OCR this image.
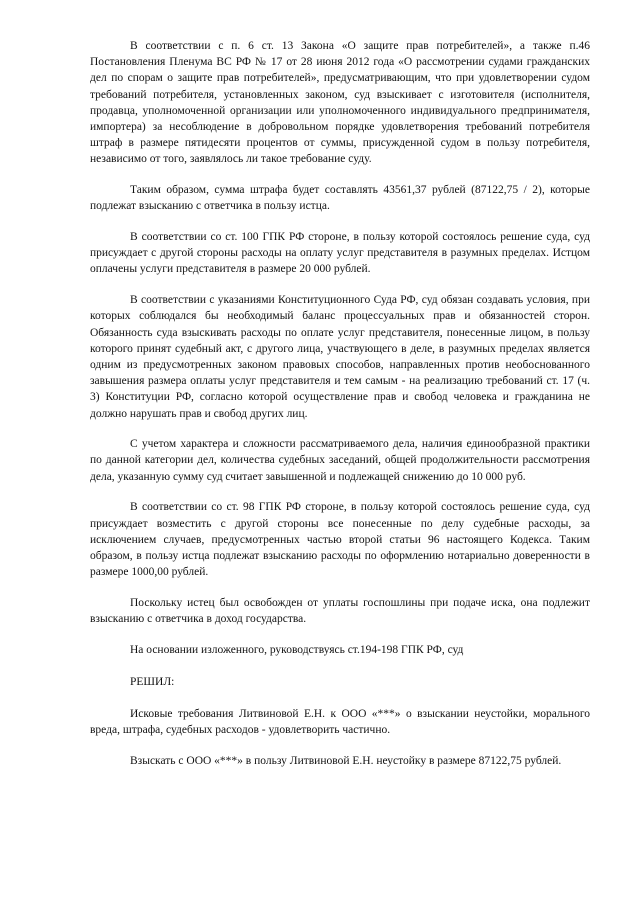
В соответствии с п. 6 ст. 13 Закона «О защите прав потребителей», а также п.46 Постановления Пленума ВС РФ № 17 от 28 июня 2012 года «О рассмотрении судами гражданских дел по спорам о защите прав потребителей», предусматривающим, что при удовлетворении судом требований потребителя, установленных законом, суд взыскивает с изготовителя (исполнителя, продавца, уполномоченной организации или уполномоченного индивидуального предпринимателя, импортера) за несоблюдение в добровольном порядке удовлетворения требований потребителя штраф в размере пятидесяти процентов от суммы, присужденной судом в пользу потребителя, независимо от того, заявлялось ли такое требование суду.

Таким образом, сумма штрафа будет составлять 43561,37 рублей (87122,75 / 2), которые подлежат взысканию с ответчика в пользу истца.

В соответствии со ст. 100 ГПК РФ стороне, в пользу которой состоялось решение суда, суд присуждает с другой стороны расходы на оплату услуг представителя в разумных пределах. Истцом оплачены услуги представителя в размере 20 000 рублей.

В соответствии с указаниями Конституционного Суда РФ, суд обязан создавать условия, при которых соблюдался бы необходимый баланс процессуальных прав и обязанностей сторон. Обязанность суда взыскивать расходы по оплате услуг представителя, понесенные лицом, в пользу которого принят судебный акт, с другого лица, участвующего в деле, в разумных пределах является одним из предусмотренных законом правовых способов, направленных против необоснованного завышения размера оплаты услуг представителя и тем самым - на реализацию требований ст. 17 (ч. 3) Конституции РФ, согласно которой осуществление прав и свобод человека и гражданина не должно нарушать прав и свобод других лиц.

С учетом характера и сложности рассматриваемого дела, наличия единообразной практики по данной категории дел, количества судебных заседаний, общей продолжительности рассмотрения дела, указанную сумму суд считает завышенной и подлежащей снижению до 10 000 руб.

В соответствии со ст. 98 ГПК РФ стороне, в пользу которой состоялось решение суда, суд присуждает возместить с другой стороны все понесенные по делу судебные расходы, за исключением случаев, предусмотренных частью второй статьи 96 настоящего Кодекса. Таким образом, в пользу истца подлежат взысканию расходы по оформлению нотариально доверенности в размере 1000,00 рублей.

Поскольку истец был освобожден от уплаты госпошлины при подаче иска, она подлежит взысканию с ответчика в доход государства.

На основании изложенного, руководствуясь ст.194-198 ГПК РФ, суд

РЕШИЛ:

Исковые требования Литвиновой Е.Н. к ООО «***» о взыскании неустойки, морального вреда, штрафа, судебных расходов - удовлетворить частично.

Взыскать с ООО «***» в пользу Литвиновой Е.Н. неустойку в размере 87122,75 рублей.
